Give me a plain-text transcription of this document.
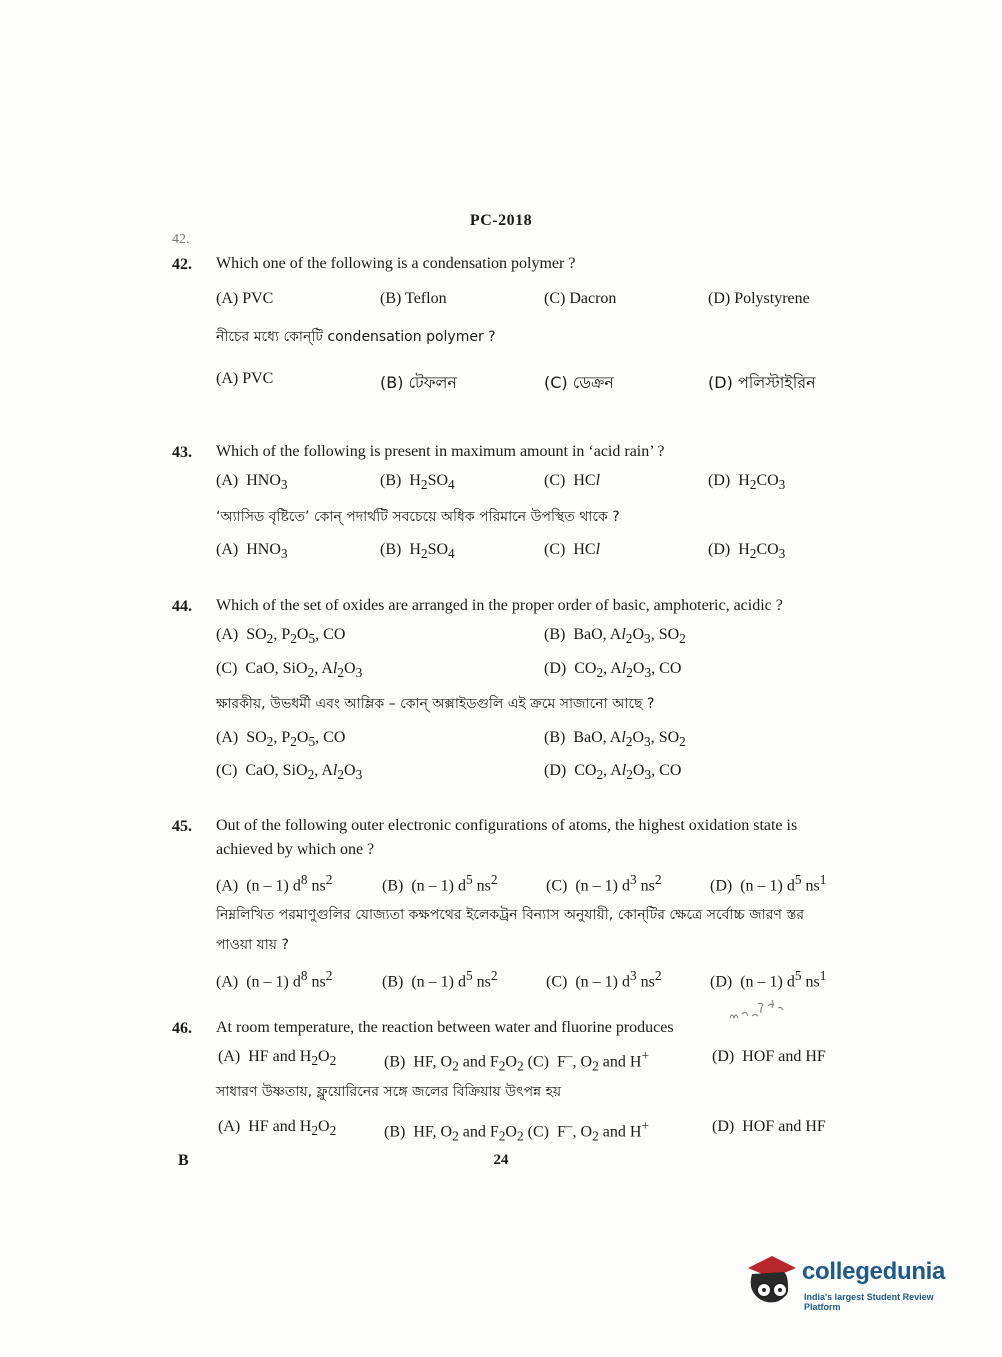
42.
PC-2018
42. Which one of the following is a condensation polymer ?
(A) PVC	(B) Teflon	(C) Dacron	(D) Polystyrene
নীচের মধ্যে কোন্‌টি condensation polymer ?
(A) PVC	(B) টেফলন	(C) ডেক্রন	(D) পলিস্টাইরিন
43. Which of the following is present in maximum amount in ‘acid rain’ ?
(A)  $HNO_3$	(B)  $H_2SO_4$	(C)  HCl	(D)  $H_2CO_3$
‘অ্যাসিড বৃষ্টিতে’ কোন্‌ পদার্থটি সবচেয়ে অধিক পরিমানে উপস্থিত থাকে ?
(A)  $HNO_3$	(B)  $H_2SO_4$	(C)  HCl	(D)  $H_2CO_3$
44. Which of the set of oxides are arranged in the proper order of basic, amphoteric, acidic ?
(A)  $SO_2$, $P_2O_5$, CO	(B)  BaO, $Al_2O_3$, $SO_2$
(C)  CaO, SiO$_2$, $Al_2O_3$	(D)  $CO_2$, $Al_2O_3$, CO
ক্ষারকীয়, উভধর্মী এবং আম্লিক – কোন্‌ অক্সাইডগুলি এই ক্রমে সাজানো আছে ?
(A)  $SO_2$, $P_2O_5$, CO	(B)  BaO, $Al_2O_3$, $SO_2$
(C)  CaO, SiO$_2$, $Al_2O_3$	(D)  $CO_2$, $Al_2O_3$, CO
45. Out of the following outer electronic configurations of atoms, the highest oxidation state is achieved by which one ?
(A)  (n – 1) $d^8$ $ns^2$	(B)  (n – 1) $d^5$ $ns^2$	(C)  (n – 1) $d^3$ $ns^2$	(D)  (n – 1) $d^5$ $ns^1$
নিম্নলিখিত পরমাণুগুলির যোজ্যতা কক্ষপথের ইলেকট্রন বিন্যাস অনুযায়ী, কোন্‌টির ক্ষেত্রে সর্বোচ্চ জারণ স্তর পাওয়া যায় ?
(A)  (n – 1) $d^8$ $ns^2$	(B)  (n – 1) $d^5$ $ns^2$	(C)  (n – 1) $d^3$ $ns^2$	(D)  (n – 1) $d^5$ $ns^1$
46. At room temperature, the reaction between water and fluorine produces
(A)  HF and $H_2O_2$	(B)  HF, $O_2$ and $F_2O_2$ (C)  F–, $O_2$ and H+	(D)  HOF and HF
সাধারণ উষ্ণতায়, ফ্লুয়োরিনের সঙ্গে জলের বিক্রিয়ায় উৎপন্ন হয়
(A)  HF and $H_2O_2$	(B)  HF, $O_2$ and $F_2O_2$ (C)  F–, $O_2$ and H+	(D)  HOF and HF
B	24
collegedunia
India's largest Student Review Platform
